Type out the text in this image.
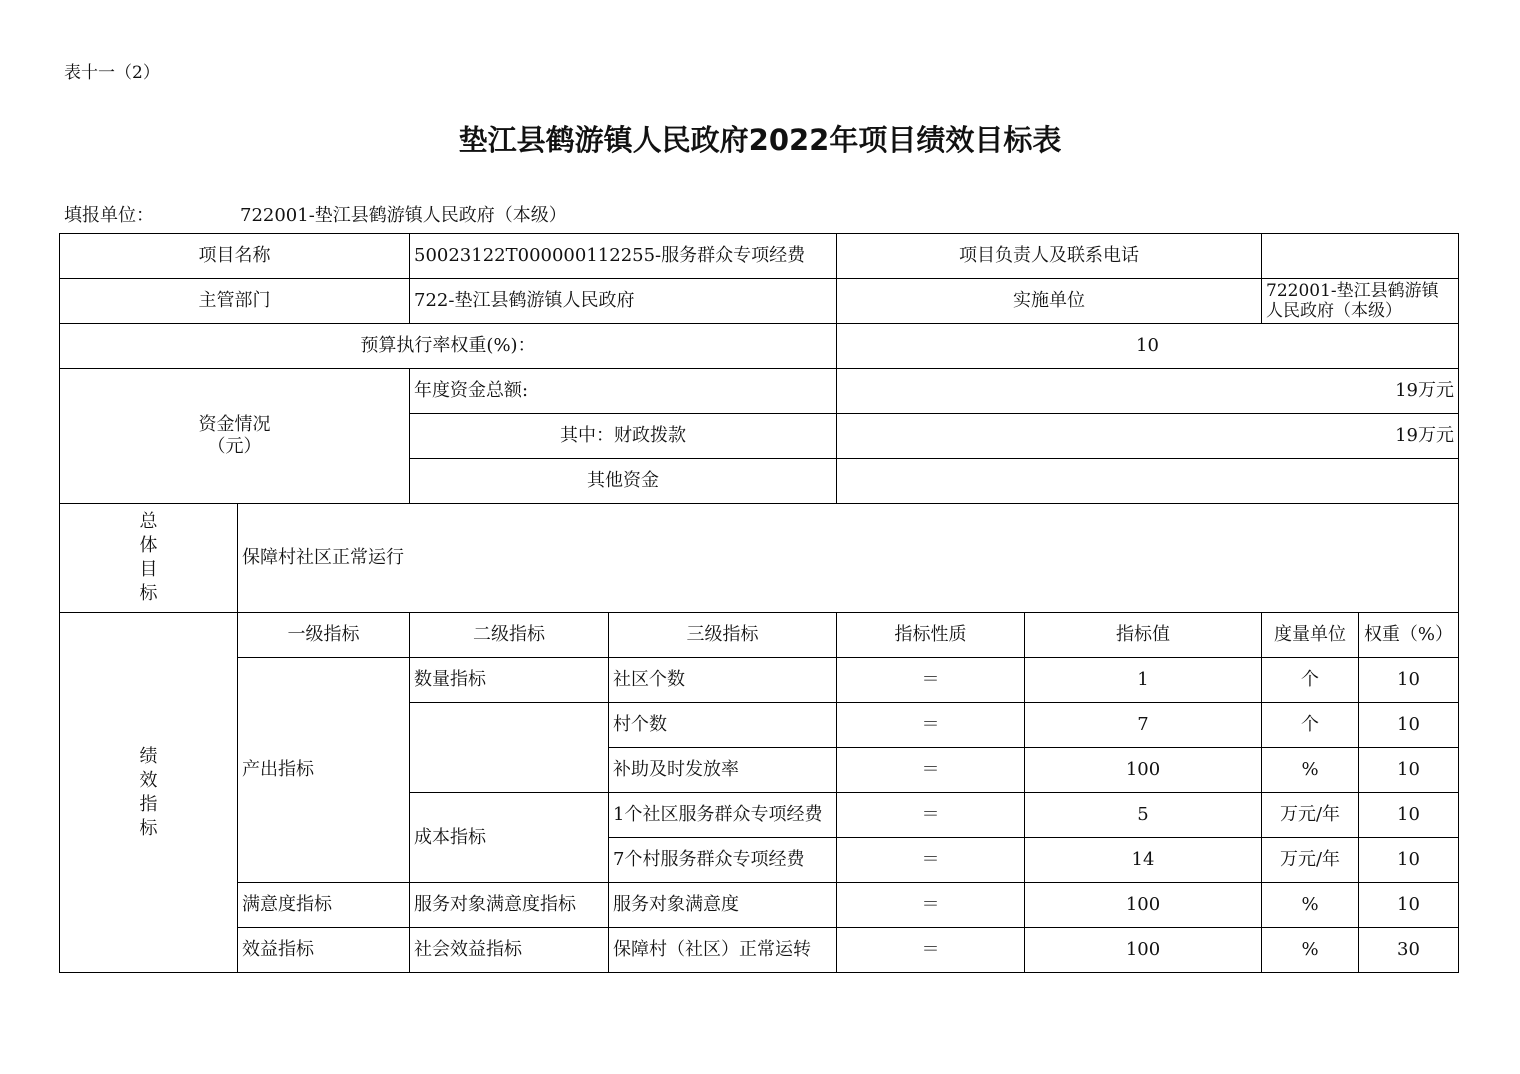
表十一（2）
垫江县鹤游镇人民政府2022年项目绩效目标表
填报单位：	722001-垫江县鹤游镇人民政府（本级）
项目名称		50023122T000000112255-服务群众专项经费		项目负责人及联系电话			
主管部门		722-垫江县鹤游镇人民政府		实施单位		722001-垫江县鹤游镇人民政府（本级）	
预算执行率权重(%)：				10			

资金情况
（元）		年度资金总额:		19万元			
		其中：财政拨款		19万元			
		其他资金					

总
体
目
标	保障村社区正常运行						

绩
效
指
标	一级指标	二级指标	三级指标	指标性质	指标值	度量单位	权重（%）
	产出指标	数量指标	社区个数	＝	1	个	10
			村个数	＝	7	个	10
			补助及时发放率	＝	100	%	10
		成本指标	1个社区服务群众专项经费	＝	5	万元/年	10
			7个村服务群众专项经费	＝	14	万元/年	10
	满意度指标	服务对象满意度指标	服务对象满意度	＝	100	%	10
	效益指标	社会效益指标	保障村（社区）正常运转	＝	100	%	30
